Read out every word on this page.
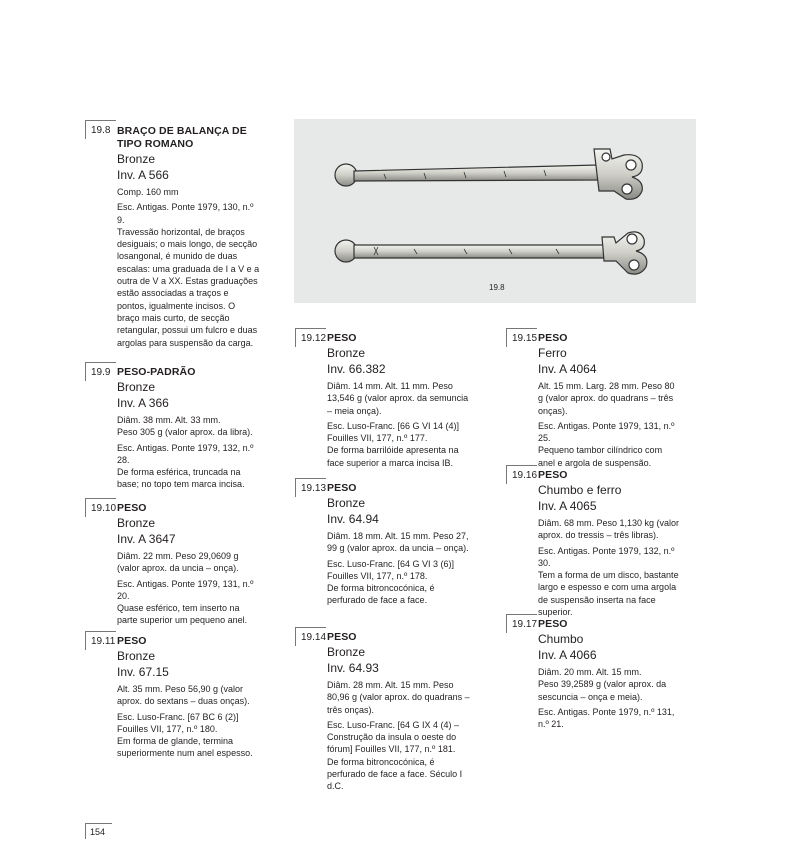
19.8 BRAÇO DE BALANÇA DE TIPO ROMANO
Bronze
Inv. A 566

Comp. 160 mm

Esc. Antigas. Ponte 1979, 130, n.º 9.

Travessão horizontal, de braços desiguais; o mais longo, de secção losangonal, é munido de duas escalas: uma graduada de I a V e a outra de V a XX. Estas graduações estão associadas a traços e pontos, igualmente incisos. O braço mais curto, de secção retangular, possui um fulcro e duas argolas para suspensão da carga.

19.9 PESO-PADRÃO
Bronze
Inv. A 366

Diâm. 38 mm. Alt. 33 mm.

Peso 305 g (valor aprox. da libra).

Esc. Antigas. Ponte 1979, 132, n.º 28.

De forma esférica, truncada na base; no topo tem marca incisa.

19.10 PESO
Bronze
Inv. A 3647

Diâm. 22 mm. Peso 29,0609 g (valor aprox. da uncia – onça).

Esc. Antigas. Ponte 1979, 131, n.º 20.

Quase esférico, tem inserto na parte superior um pequeno anel.

19.11 PESO
Bronze
Inv. 67.15

Alt. 35 mm. Peso 56,90 g (valor aprox. do sextans – duas onças).

Esc. Luso-Franc. [67 BC 6 (2)] Fouilles VII, 177, n.º 180.

Em forma de glande, termina superiormente num anel espesso.

19.8
19.12 PESO
Bronze
Inv. 66.382

Diâm. 14 mm. Alt. 11 mm. Peso 13,546 g (valor aprox. da semuncia – meia onça).

Esc. Luso-Franc. [66 G VI 14 (4)] Fouilles VII, 177, n.º 177.

De forma barrilóide apresenta na face superior a marca incisa IB.

19.13 PESO
Bronze
Inv. 64.94

Diâm. 18 mm. Alt. 15 mm. Peso 27, 99 g (valor aprox. da uncia – onça).

Esc. Luso-Franc. [64 G VI 3 (6)] Fouilles VII, 177, n.º 178.

De forma bitroncocónica, é perfurado de face a face.

19.14 PESO
Bronze
Inv. 64.93

Diâm. 28 mm. Alt. 15 mm. Peso 80,96 g (valor aprox. do quadrans – três onças).

Esc. Luso-Franc. [64 G IX 4 (4) – Construção da insula o oeste do fórum] Fouilles VII, 177, n.º 181.

De forma bitroncocónica, é perfurado de face a face. Século I d.C.

19.15 PESO
Ferro
Inv. A 4064

Alt. 15 mm. Larg. 28 mm. Peso 80 g (valor aprox. do quadrans – três onças).

Esc. Antigas. Ponte 1979, 131, n.º 25.

Pequeno tambor cilíndrico com anel e argola de suspensão.

19.16 PESO
Chumbo e ferro
Inv. A 4065

Diâm. 68 mm. Peso 1,130 kg (valor aprox. do tressis – três libras).

Esc. Antigas. Ponte 1979, 132, n.º 30.

Tem a forma de um disco, bastante largo e espesso e com uma argola de suspensão inserta na face superior.

19.17 PESO
Chumbo
Inv. A 4066

Diâm. 20 mm. Alt. 15 mm.

Peso 39,2589 g (valor aprox. da sescuncia – onça e meia).

Esc. Antigas. Ponte 1979, n.º 131, n.º 21.

154
